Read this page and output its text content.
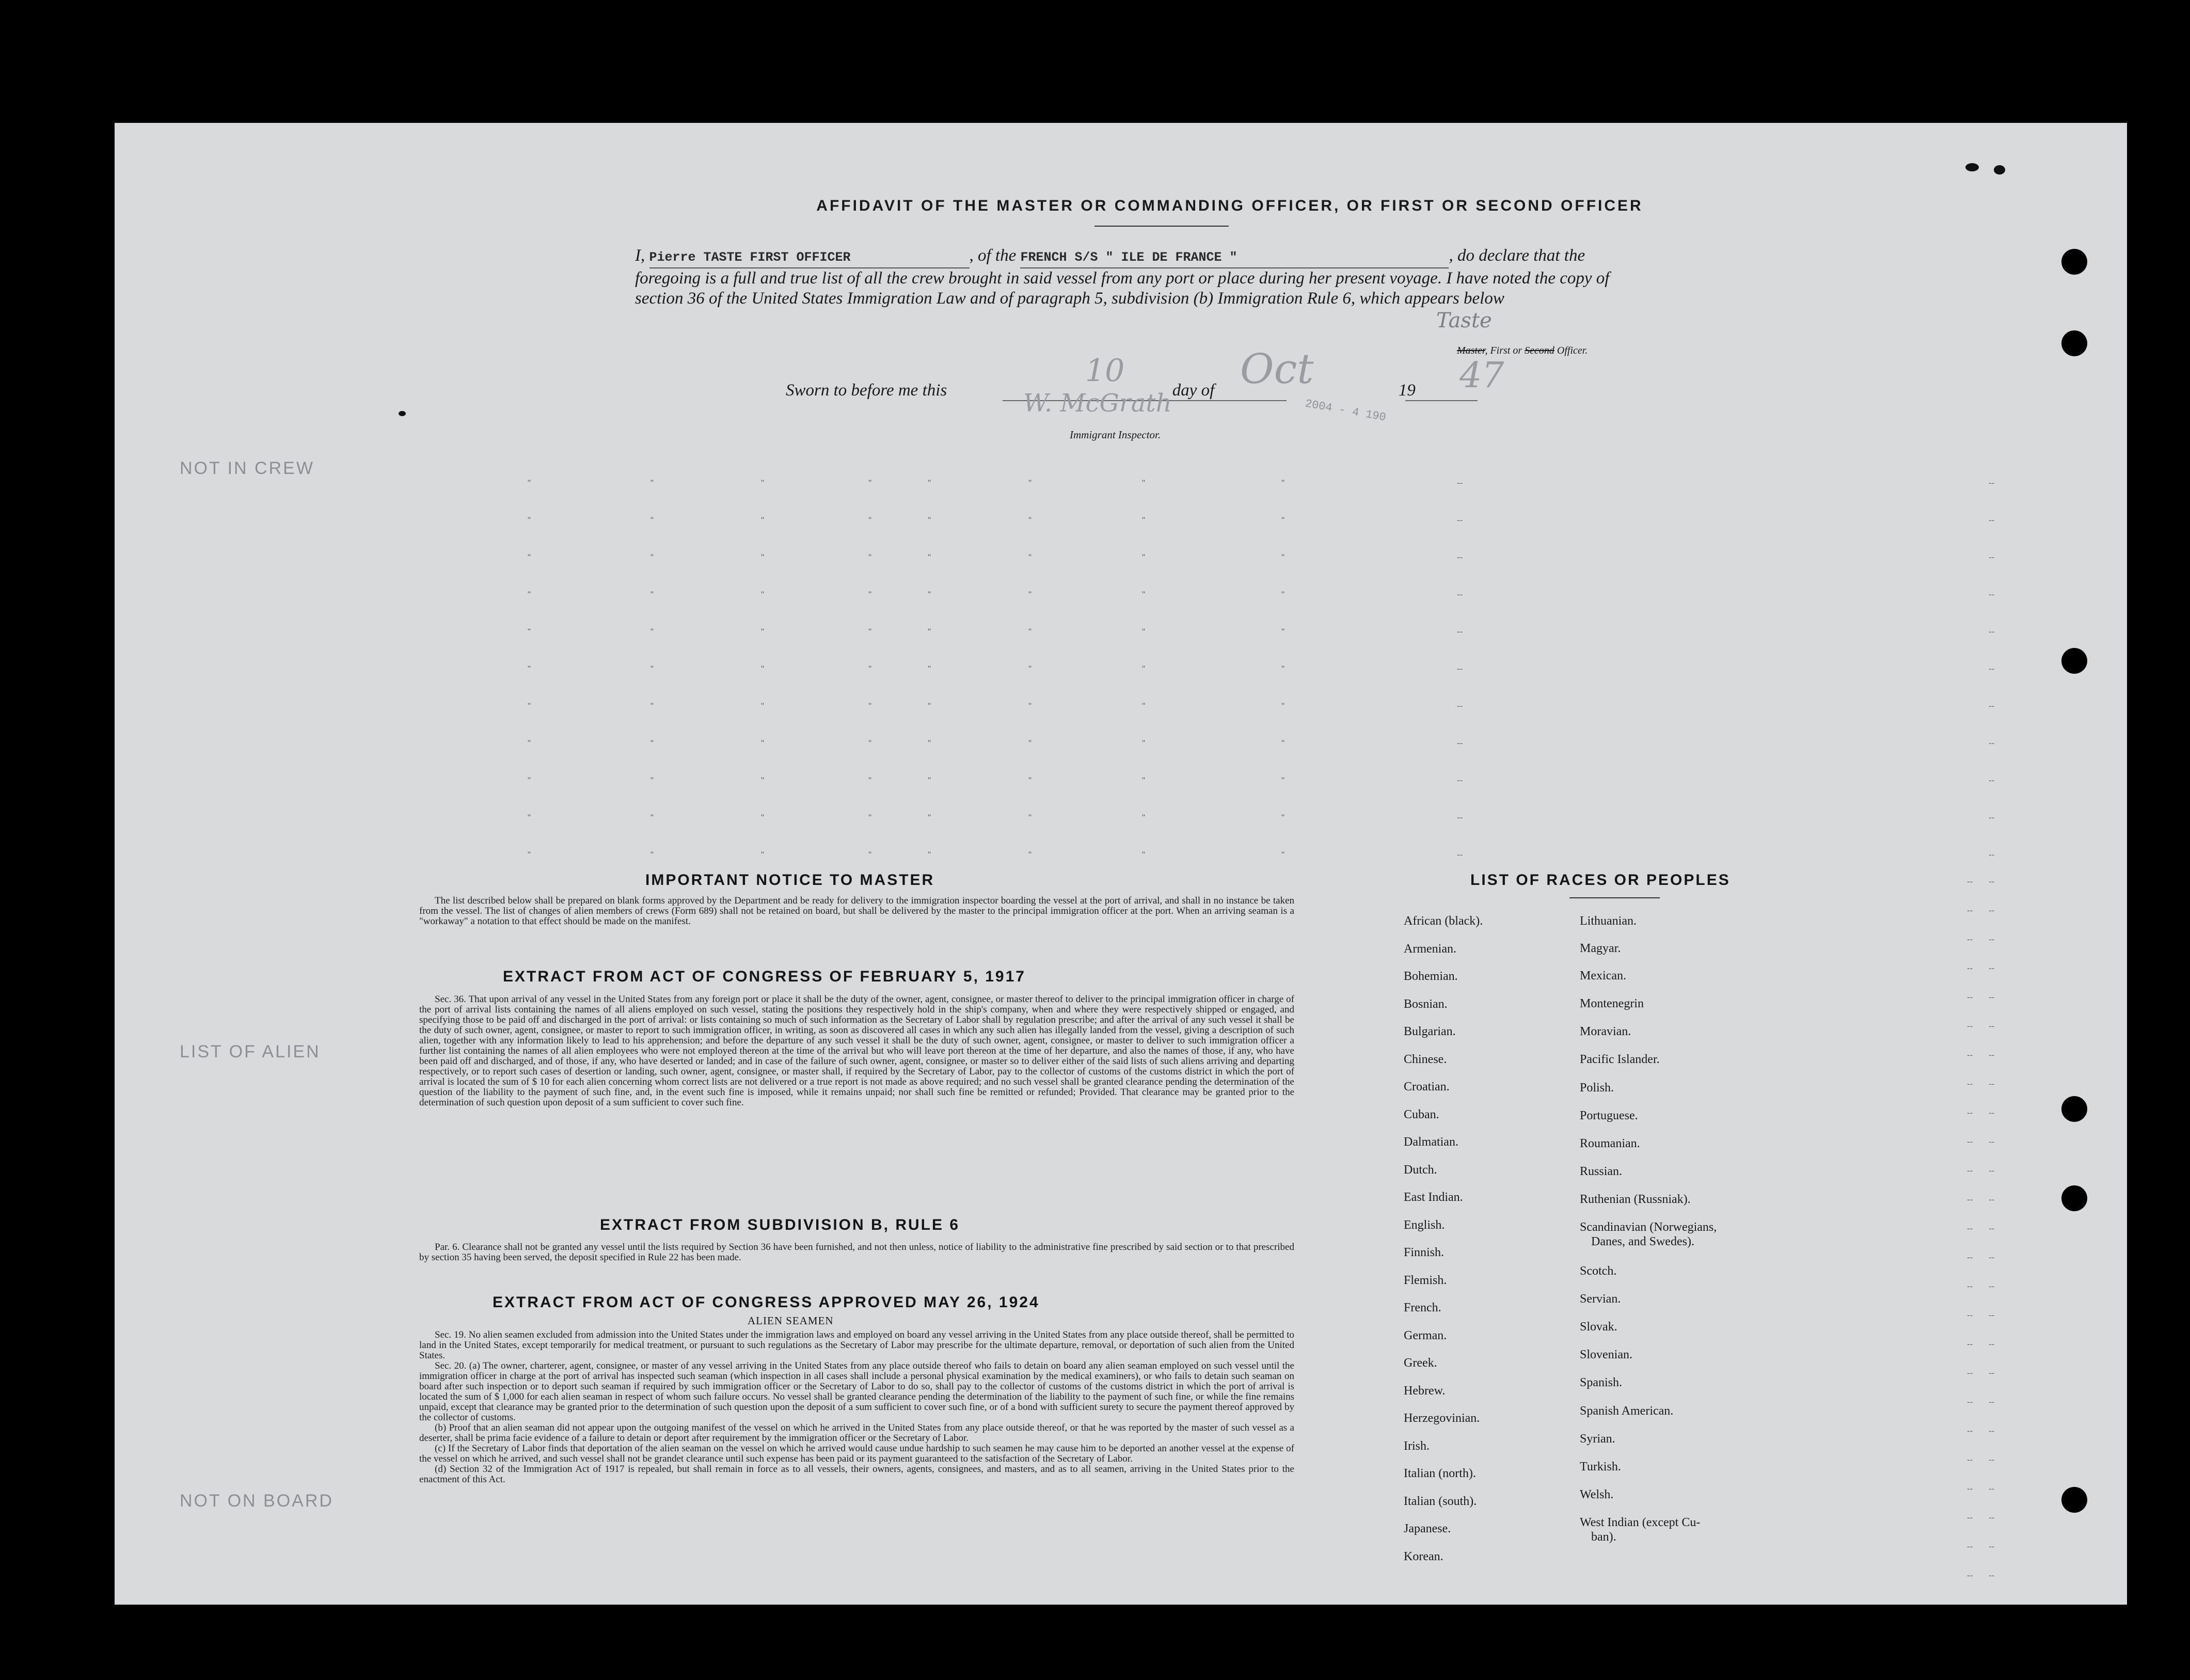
AFFIDAVIT OF THE MASTER OR COMMANDING OFFICER, OR FIRST OR SECOND OFFICER
I, Pierre TASTE FIRST OFFICER	, of the FRENCH S/S " ILE DE FRANCE "	, do declare that the foregoing is a full and true list of all the crew brought in said vessel from any port or place during her present voyage. I have noted the copy of section 36 of the United States Immigration Law and of paragraph 5, subdivision (b) Immigration Rule 6, which appears below
Taste
Master, First or Second Officer.
Sworn to before me this	day of	19
10	Oct	47
W. McGrath	2004 - 4 190
Immigrant Inspector.
"	"	"	"	"	"	"	"	--	--
"	"	"	"	"	"	"	"	--	--
"	"	"	"	"	"	"	"	--	--
"	"	"	"	"	"	"	"	--	--
"	"	"	"	"	"	"	"	--	--
"	"	"	"	"	"	"	"	--	--
"	"	"	"	"	"	"	"	--	--
"	"	"	"	"	"	"	"	--	--
"	"	"	"	"	"	"	"	--	--
"	"	"	"	"	"	"	"	--	--
"	"	"	"	"	"	"	"	--	--
-- --
-- --
-- --
-- --
-- --
-- --
-- --
-- --
-- --
-- --
-- --
-- --
-- --
-- --
-- --
-- --
-- --
-- --
-- --
-- --
-- --
-- --
-- --
-- --
-- --
NOT IN CREW
LIST OF ALIEN
NOT ON BOARD
IMPORTANT NOTICE TO MASTER

The list described below shall be prepared on blank forms approved by the Department and be ready for delivery to the immigration inspector boarding the vessel at the port of arrival, and shall in no instance be taken from the vessel. The list of changes of alien members of crews (Form 689) shall not be retained on board, but shall be delivered by the master to the principal immigration officer at the port. When an arriving seaman is a "workaway" a notation to that effect should be made on the manifest.

EXTRACT FROM ACT OF CONGRESS OF FEBRUARY 5, 1917

Sec. 36. That upon arrival of any vessel in the United States from any foreign port or place it shall be the duty of the owner, agent, consignee, or master thereof to deliver to the principal immigration officer in charge of the port of arrival lists containing the names of all aliens employed on such vessel, stating the positions they respectively hold in the ship's company, when and where they were respectively shipped or engaged, and specifying those to be paid off and discharged in the port of arrival: or lists containing so much of such information as the Secretary of Labor shall by regulation prescribe; and after the arrival of any such vessel it shall be the duty of such owner, agent, consignee, or master to report to such immigration officer, in writing, as soon as discovered all cases in which any such alien has illegally landed from the vessel, giving a description of such alien, together with any information likely to lead to his apprehension; and before the departure of any such vessel it shall be the duty of such owner, agent, consignee, or master to deliver to such immigration officer a further list containing the names of all alien employees who were not employed thereon at the time of the arrival but who will leave port thereon at the time of her departure, and also the names of those, if any, who have been paid off and discharged, and of those, if any, who have deserted or landed; and in case of the failure of such owner, agent, consignee, or master so to deliver either of the said lists of such aliens arriving and departing respectively, or to report such cases of desertion or landing, such owner, agent, consignee, or master shall, if required by the Secretary of Labor, pay to the collector of customs of the customs district in which the port of arrival is located the sum of $ 10 for each alien concerning whom correct lists are not delivered or a true report is not made as above required; and no such vessel shall be granted clearance pending the determination of the question of the liability to the payment of such fine, and, in the event such fine is imposed, while it remains unpaid; nor shall such fine be remitted or refunded; Provided. That clearance may be granted prior to the determination of such question upon deposit of a sum sufficient to cover such fine.

EXTRACT FROM SUBDIVISION B, RULE 6

Par. 6. Clearance shall not be granted any vessel until the lists required by Section 36 have been furnished, and not then unless, notice of liability to the administrative fine prescribed by said section or to that prescribed by section 35 having been served, the deposit specified in Rule 22 has been made.

EXTRACT FROM ACT OF CONGRESS APPROVED MAY 26, 1924
ALIEN SEAMEN

Sec. 19. No alien seamen excluded from admission into the United States under the immigration laws and employed on board any vessel arriving in the United States from any place outside thereof, shall be permitted to land in the United States, except temporarily for medical treatment, or pursuant to such regulations as the Secretary of Labor may prescribe for the ultimate departure, removal, or deportation of such alien from the United States.

Sec. 20. (a) The owner, charterer, agent, consignee, or master of any vessel arriving in the United States from any place outside thereof who fails to detain on board any alien seaman employed on such vessel until the immigration officer in charge at the port of arrival has inspected such seaman (which inspection in all cases shall include a personal physical examination by the medical examiners), or who fails to detain such seaman on board after such inspection or to deport such seaman if required by such immigration officer or the Secretary of Labor to do so, shall pay to the collector of customs of the customs district in which the port of arrival is located the sum of $ 1,000 for each alien seaman in respect of whom such failure occurs. No vessel shall be granted clearance pending the determination of the liability to the payment of such fine, or while the fine remains unpaid, except that clearance may be granted prior to the determination of such question upon the deposit of a sum sufficient to cover such fine, or of a bond with sufficient surety to secure the payment thereof approved by the collector of customs.

(b) Proof that an alien seaman did not appear upon the outgoing manifest of the vessel on which he arrived in the United States from any place outside thereof, or that he was reported by the master of such vessel as a deserter, shall be prima facie evidence of a failure to detain or deport after requirement by the immigration officer or the Secretary of Labor.

(c) If the Secretary of Labor finds that deportation of the alien seaman on the vessel on which he arrived would cause undue hardship to such seamen he may cause him to be deported an another vessel at the expense of the vessel on which he arrived, and such vessel shall not be grandet clearance until such expense has been paid or its payment guaranteed to the satisfaction of the Secretary of Labor.

(d) Section 32 of the Immigration Act of 1917 is repealed, but shall remain in force as to all vessels, their owners, agents, consignees, and masters, and as to all seamen, arriving in the United States prior to the enactment of this Act.

LIST OF RACES OR PEOPLES
African (black).
Armenian.
Bohemian.
Bosnian.
Bulgarian.
Chinese.
Croatian.
Cuban.
Dalmatian.
Dutch.
East Indian.
English.
Finnish.
Flemish.
French.
German.
Greek.
Hebrew.
Herzegovinian.
Irish.
Italian (north).
Italian (south).
Japanese.
Korean.
Lithuanian.
Magyar.
Mexican.
Montenegrin
Moravian.
Pacific Islander.
Polish.
Portuguese.
Roumanian.
Russian.
Ruthenian (Russniak).
Scandinavian (Norwegians,
Danes, and Swedes).
Scotch.
Servian.
Slovak.
Slovenian.
Spanish.
Spanish American.
Syrian.
Turkish.
Welsh.
West Indian (except Cu-
ban).
